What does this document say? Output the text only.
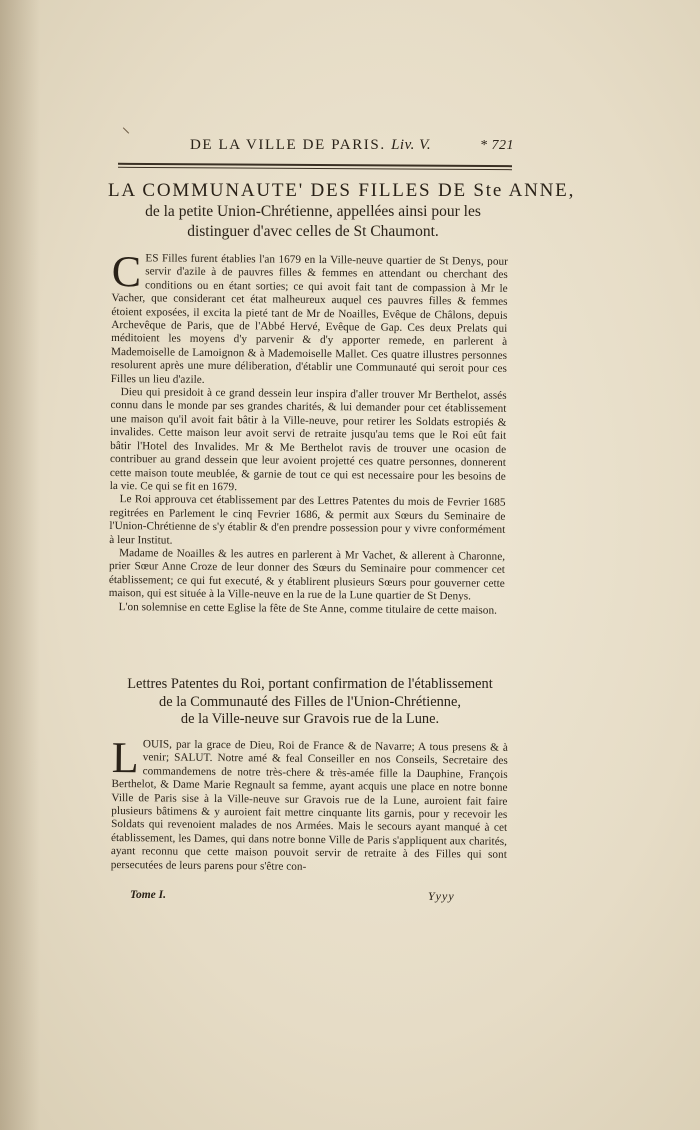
DE LA VILLE DE PARIS. Liv. V.	* 721
LA COMMUNAUTE' DES FILLES DE Ste ANNE,
de la petite Union-Chrétienne, appellées ainsi pour les
distinguer d'avec celles de St Chaumont.

CES Filles furent établies l'an 1679 en la Ville-neuve quartier de St Denys, pour servir d'azile à de pauvres filles & femmes en attendant ou cherchant des conditions ou en étant sorties; ce qui avoit fait tant de compassion à Mr le Vacher, que considerant cet état malheureux auquel ces pauvres filles & femmes étoient exposées, il excita la pieté tant de Mr de Noailles, Evêque de Châlons, depuis Archevêque de Paris, que de l'Abbé Hervé, Evêque de Gap. Ces deux Prelats qui méditoient les moyens d'y parvenir & d'y apporter remede, en parlerent à Mademoiselle de Lamoignon & à Mademoiselle Mallet. Ces quatre illustres personnes resolurent après une mure déliberation, d'établir une Communauté qui seroit pour ces Filles un lieu d'azile.

Dieu qui presidoit à ce grand dessein leur inspira d'aller trouver Mr Berthelot, assés connu dans le monde par ses grandes charités, & lui demander pour cet établissement une maison qu'il avoit fait bâtir à la Ville-neuve, pour retirer les Soldats estropiés & invalides. Cette maison leur avoit servi de retraite jusqu'au tems que le Roi eût fait bâtir l'Hotel des Invalides. Mr & Me Berthelot ravis de trouver une ocasion de contribuer au grand dessein que leur avoient projetté ces quatre personnes, donnerent cette maison toute meublée, & garnie de tout ce qui est necessaire pour les besoins de la vie. Ce qui se fit en 1679.

Le Roi approuva cet établissement par des Lettres Patentes du mois de Fevrier 1685 regitrées en Parlement le cinq Fevrier 1686, & permit aux Sœurs du Seminaire de l'Union-Chrétienne de s'y établir & d'en prendre possession pour y vivre conformément à leur Institut.

Madame de Noailles & les autres en parlerent à Mr Vachet, & allerent à Charonne, prier Sœur Anne Croze de leur donner des Sœurs du Seminaire pour commencer cet établissement; ce qui fut executé, & y établirent plusieurs Sœurs pour gouverner cette maison, qui est située à la Ville-neuve en la rue de la Lune quartier de St Denys.

L'on solemnise en cette Eglise la fête de Ste Anne, comme titulaire de cette maison.

Lettres Patentes du Roi, portant confirmation de l'établissement
de la Communauté des Filles de l'Union-Chrétienne,
de la Ville-neuve sur Gravois rue de la Lune.

LOUIS, par la grace de Dieu, Roi de France & de Navarre; A tous presens & à venir; SALUT. Notre amé & feal Conseiller en nos Conseils, Secretaire des commandemens de notre très-chere & très-amée fille la Dauphine, François Berthelot, & Dame Marie Regnault sa femme, ayant acquis une place en notre bonne Ville de Paris sise à la Ville-neuve sur Gravois rue de la Lune, auroient fait faire plusieurs bâtimens & y auroient fait mettre cinquante lits garnis, pour y recevoir les Soldats qui revenoient malades de nos Armées. Mais le secours ayant manqué à cet établissement, les Dames, qui dans notre bonne Ville de Paris s'appliquent aux charités, ayant reconnu que cette maison pouvoit servir de retraite à des Filles qui sont persecutées de leurs parens pour s'être con-

Tome I.	Yyyy
